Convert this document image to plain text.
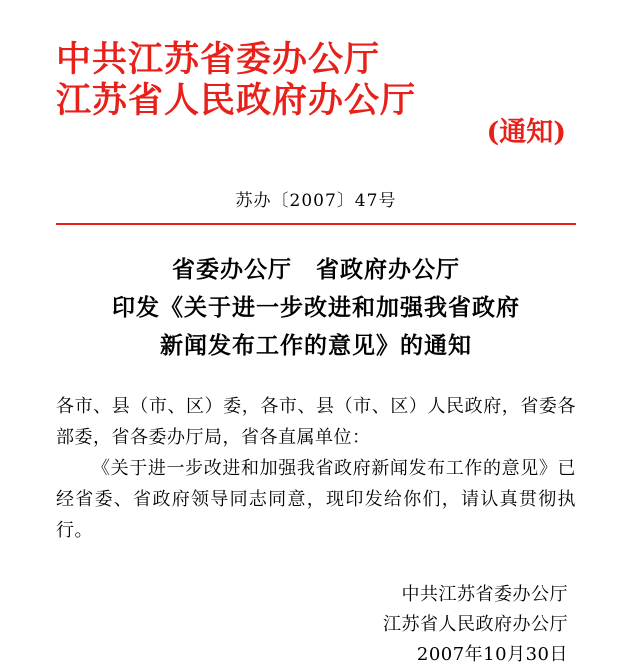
中共江苏省委办公厅
江苏省人民政府办公厅
(通知)
苏办〔2007〕47号
省委办公厅　省政府办公厅
印发《关于进一步改进和加强我省政府
新闻发布工作的意见》的通知

各市、县（市、区）委，各市、县（市、区）人民政府，省委各部委，省各委办厅局，省各直属单位：

《关于进一步改进和加强我省政府新闻发布工作的意见》已经省委、省政府领导同志同意，现印发给你们，请认真贯彻执行。

中共江苏省委办公厅
江苏省人民政府办公厅
2007年10月30日
